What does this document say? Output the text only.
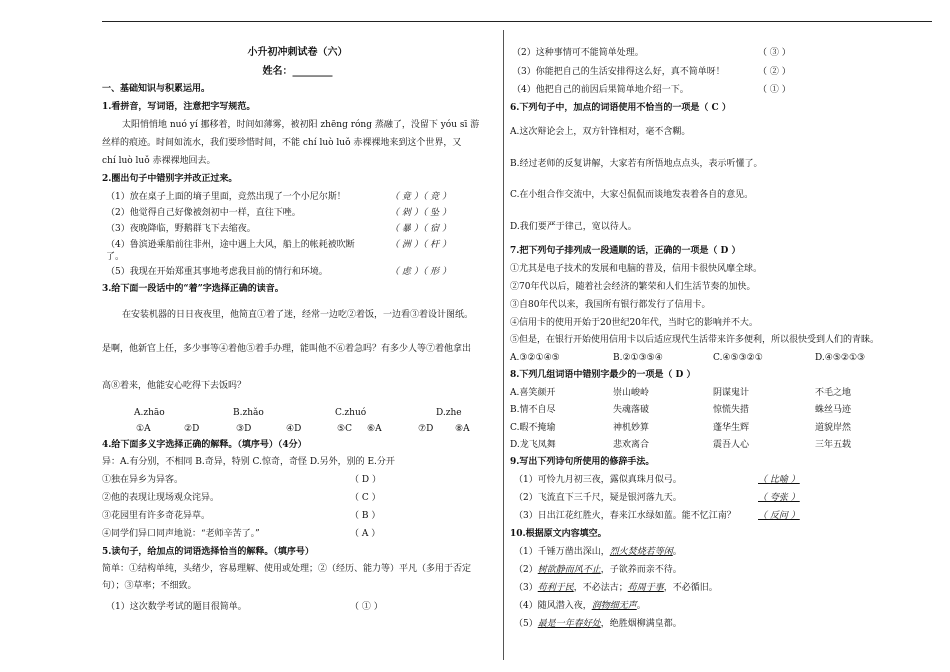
小升初冲刺试卷（六）
姓名：________
一、基础知识与积累运用。
1.看拼音，写词语，注意把字写规范。
太阳悄悄地 nuó yí 挪移着，时间如薄雾，被初阳 zhēng róng 蒸融了，没留下 yóu sī 游
丝样的痕迹。时间如流水，我们要珍惜时间，不能 chí luò luǒ 赤裸裸地来到这个世界，又
chí luò luǒ 赤裸裸地回去。
2.圈出句子中错别字并改正过来。
（1）放在桌子上面的墒子里面，竞然出现了一个小尼尔斯！	（ 竟 ）（ 竞 ）
（2）他觉得自己好像被刽初中一样，直往下唑。	（ 剁 ）（ 坠 ）
（3）夜晚降临，野鹅群飞下去缩夜。	（ 暴 ）（ 宿 ）
（4）鲁滨逊乘船前往非州，途中遇上大风，船上的帐耗被吹断	（ 洲 ）（ 杆 ）
了。
（5）我现在开始郑重其事地考虑我目前的情行和环境。	（ 虑 ）（ 形 ）
3.给下面一段话中的“着”字选择正确的读音。
在安装机器的日日夜夜里，他简直①着了迷，经常一边吃②着饭，一边看③着设计图纸。
是啊，他新官上任，多少事等④着他⑤着手办理，能叫他不⑥着急吗？有多少人等⑦着他拿出
高⑧着来，他能安心吃得下去饭吗？
A.zhāo	B.zhǎo	C.zhuó	D.zhe
①A	②D	③D	④D	⑤C ⑥A	⑦D ⑧A
4.给下面多义字选择正确的解释。（填序号）（4分）
异：A.有分别，不相同 B.奇异，特别 C.惊奇，奇怪 D.另外，别的 E.分开
①独在异乡为异客。	（ D ）
②他的表现让现场观众诧异。	（ C ）
③花园里有许多奇花异草。	（ B ）
④同学们异口同声地说：“老师辛苦了。”	（ A ）
5.读句子，给加点的词语选择恰当的解释。（填序号）
简单：①结构单纯，头绪少，容易理解、使用或处理；②（经历、能力等）平凡（多用于否定
句）；③草率；不细致。
（1）这次数学考试的题目很简单。	（ ① ）
（2）这种事情可不能简单处理。	（ ③ ）
（3）你能把自己的生活安排得这么好，真不简单呀！	（ ② ）
（4）他把自己的前因后果简单地介绍一下。	（ ① ）
6.下列句子中，加点的词语使用不恰当的一项是（ C ）
A.这次辩论会上，双方针锋相对，毫不含糊。
B.经过老师的反复讲解，大家若有所悟地点点头，表示听懂了。
C.在小组合作交流中，大家신侃侃而谈地发表着各自的意见。
D.我们要严于律己，宽以待人。
7.把下列句子排列成一段通顺的话，正确的一项是（ D ）
①尤其是电子技术的发展和电脑的普及，信用卡很快风靡全球。
②70年代以后，随着社会经济的繁荣和人们生活节奏的加快。
③自80年代以来，我国所有银行都发行了信用卡。
④信用卡的使用开始于20世纪20年代，当时它的影响并不大。
⑤但是，在银行开始使用信用卡以后适应现代生活带来许多便利，所以很快受到人们的青睐。
A.③②①④⑤	B.②①③⑤④	C.④⑤③②①	D.④⑤②①③
8.下列几组词语中错别字最少的一项是（ D ）
A.喜笑颜开	崇山峻岭	阴谋鬼计	不毛之地
B.情不自尽	失魂落破	惊慌失措	蛛丝马迹
C.暇不掩瑜	神机妙算	蓬华生辉	道貌岸然
D.龙飞凤舞	悲欢离合	震吾人心	三年五载
9.写出下列诗句所使用的修辞手法。
（1）可怜九月初三夜，露似真珠月似弓。	（ 比喻 ）
（2）飞流直下三千尺，疑是银河落九天。	（ 夸张 ）
（3）日出江花红胜火，春来江水绿如蓝。能不忆江南？ （ 反问 ）
10.根据原文内容填空。
（1）千锤万凿出深山，烈火焚烧若等闲。
（2）树欲静而风不止，子欲养而亲不待。
（3）苟利于民，不必法古；苟周于事，不必循旧。
（4）随风潜入夜，润物细无声。
（5）最是一年春好处，绝胜烟柳满皇都。
